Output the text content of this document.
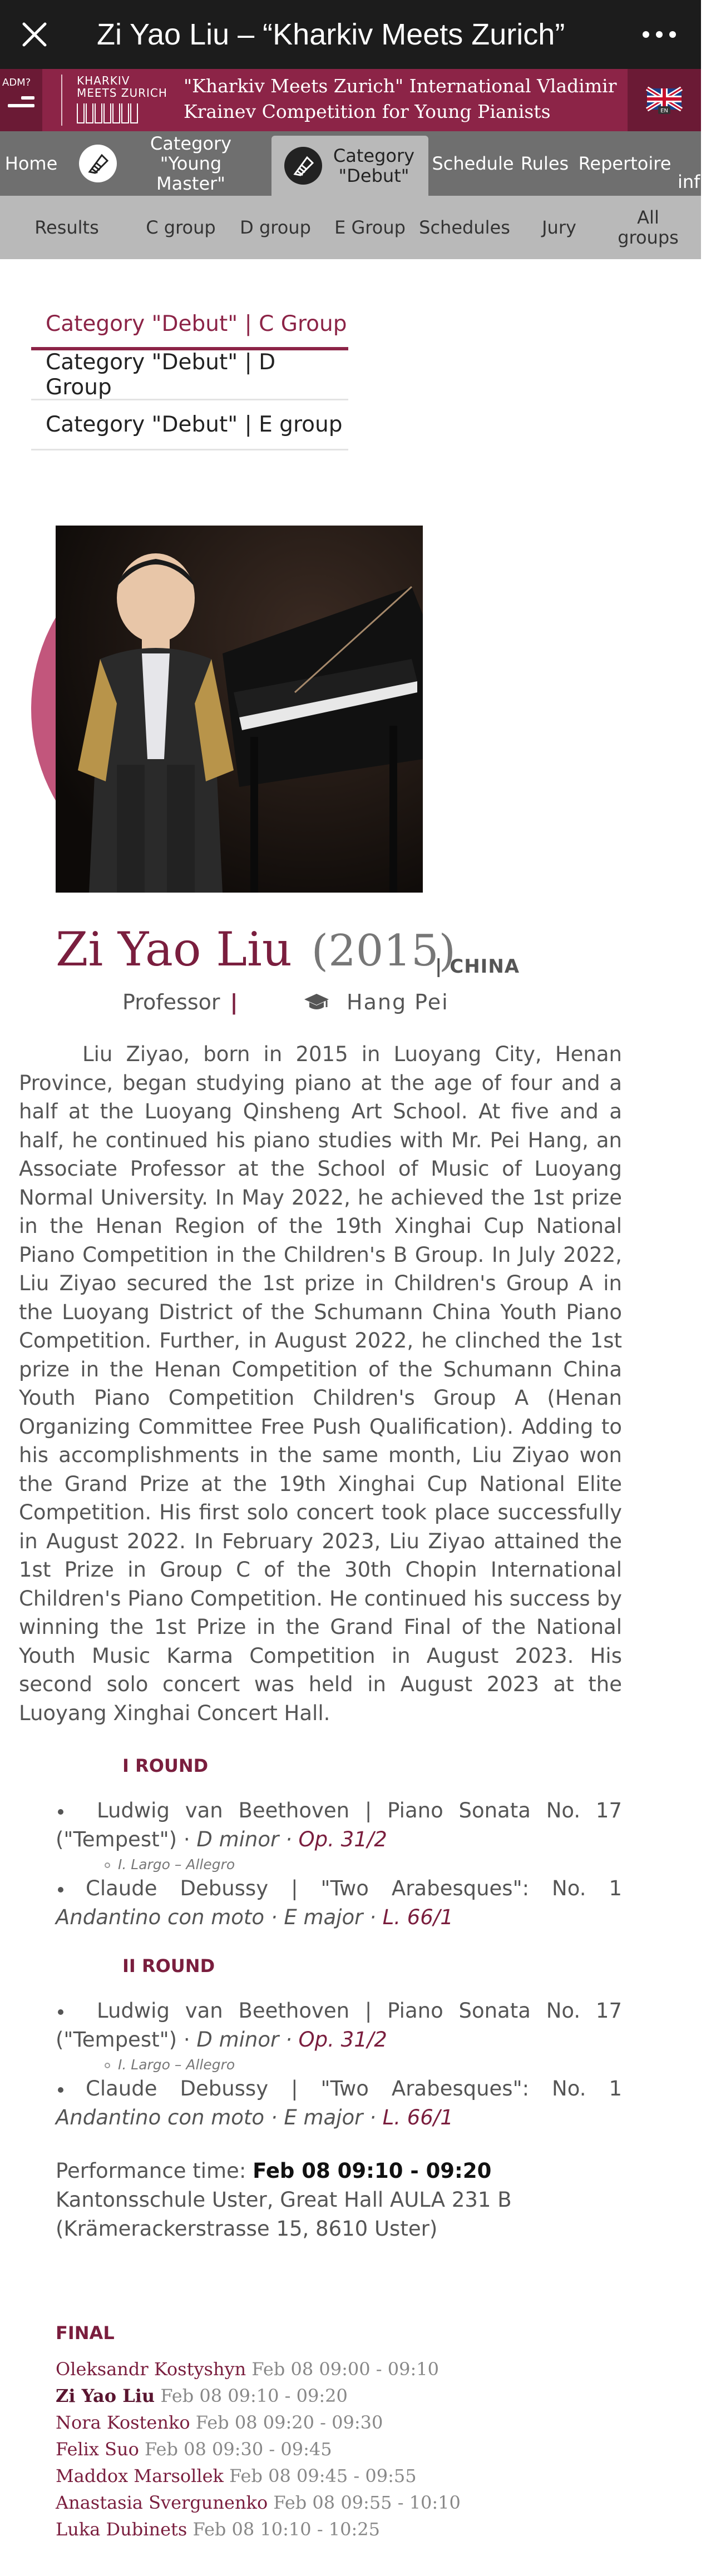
Zi Yao Liu – “Kharkiv Meets Zurich”
ADM?	KHARKIV
MEETS ZURICH "Kharkiv Meets Zurich" International Vladimir
Krainev Competition for Young Pianists	EN
Home
Category "Young Master"
Category "Debut"
Schedule Rules Repertoire
info
Results	C group	D group	E Group Schedules	Jury	All groups
Category "Debut" | C Group
Category "Debut" | D Group
Category "Debut" | E group
Zi Yao Liu (2015)
| CHINA
Professor |	Hang Pei
Liu Ziyao, born in 2015 in Luoyang City, Henan Province, began studying piano at the age of four and a half at the Luoyang Qinsheng Art School. At five and a half, he continued his piano studies with Mr. Pei Hang, an Associate Professor at the School of Music of Luoyang Normal University. In May 2022, he achieved the 1st prize in the Henan Region of the 19th Xinghai Cup National Piano Competition in the Children's B Group. In July 2022, Liu Ziyao secured the 1st prize in Children's Group A in the Luoyang District of the Schumann China Youth Piano Competition. Further, in August 2022, he clinched the 1st prize in the Henan Competition of the Schumann China Youth Piano Competition Children's Group A (Henan Organizing Committee Free Push Qualification). Adding to his accomplishments in the same month, Liu Ziyao won the Grand Prize at the 19th Xinghai Cup National Elite Competition. His first solo concert took place successfully in August 2022. In February 2023, Liu Ziyao attained the 1st Prize in Group C of the 30th Chopin International Children's Piano Competition. He continued his success by winning the 1st Prize in the Grand Final of the National Youth Music Karma Competition in August 2023. His second solo concert was held in August 2023 at the Luoyang Xinghai Concert Hall.
I ROUND
Ludwig van Beethoven | Piano Sonata No. 17 ("Tempest") · D minor · Op. 31/2
I. Largo – Allegro
Claude Debussy | "Two Arabesques": No. 1 Andantino con moto · E major · L. 66/1
II ROUND
Ludwig van Beethoven | Piano Sonata No. 17 ("Tempest") · D minor · Op. 31/2
I. Largo – Allegro
Claude Debussy | "Two Arabesques": No. 1 Andantino con moto · E major · L. 66/1
Performance time: Feb 08 09:10 - 09:20 Kantonsschule Uster, Great Hall AULA 231 B (Krämerackerstrasse 15, 8610 Uster)
FINAL
Oleksandr Kostyshyn Feb 08 09:00 - 09:10
Zi Yao Liu Feb 08 09:10 - 09:20
Nora Kostenko Feb 08 09:20 - 09:30
Felix Suo Feb 08 09:30 - 09:45
Maddox Marsollek Feb 08 09:45 - 09:55
Anastasia Svergunenko Feb 08 09:55 - 10:10
Luka Dubinets Feb 08 10:10 - 10:25
